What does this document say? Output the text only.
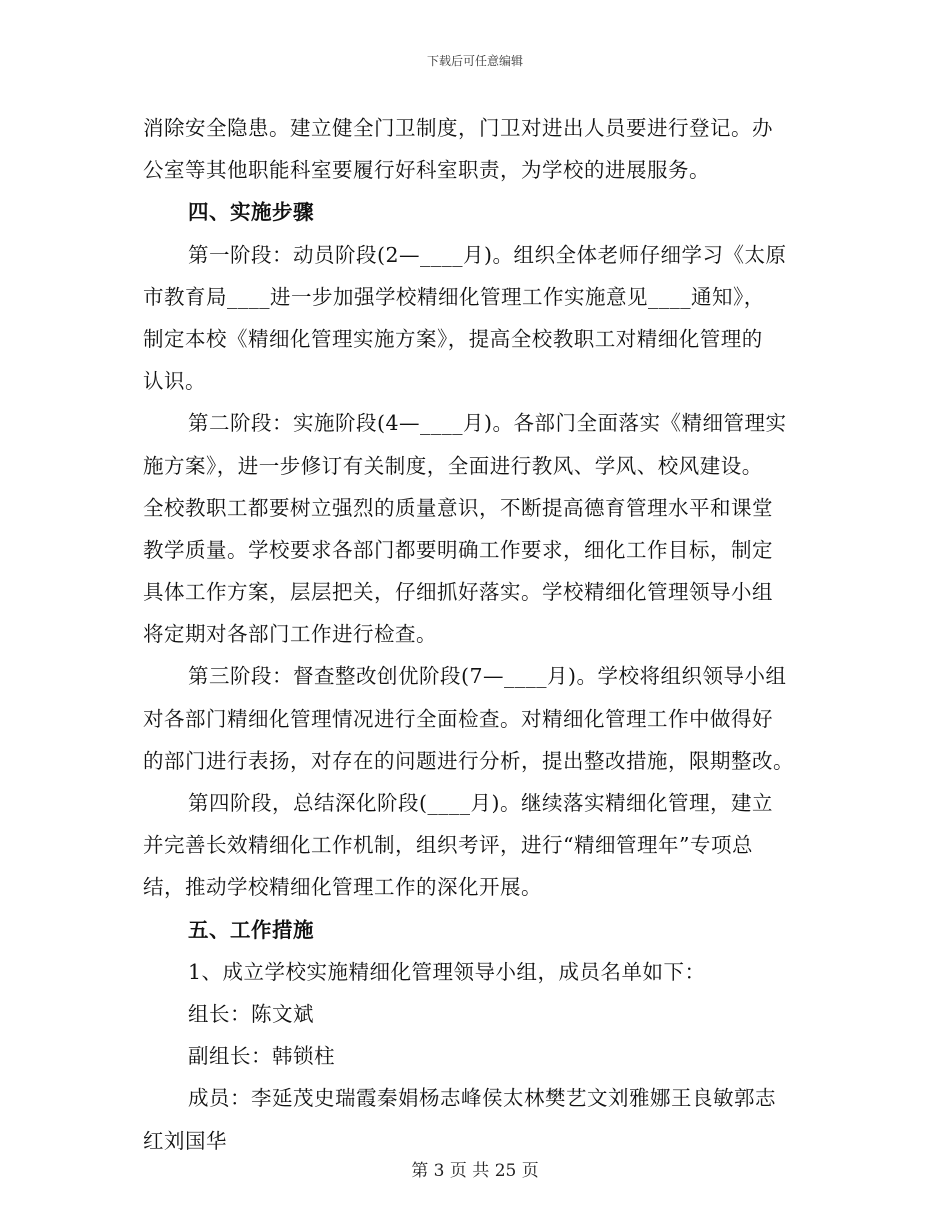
下载后可任意编辑
消除安全隐患。建立健全门卫制度，门卫对进出人员要进行登记。办
公室等其他职能科室要履行好科室职责，为学校的进展服务。
四、实施步骤
第一阶段：动员阶段(2—____月)。组织全体老师仔细学习《太原
市教育局____进一步加强学校精细化管理工作实施意见____通知》，
制定本校《精细化管理实施方案》，提高全校教职工对精细化管理的
认识。
第二阶段：实施阶段(4—____月)。各部门全面落实《精细管理实
施方案》，进一步修订有关制度，全面进行教风、学风、校风建设。
全校教职工都要树立强烈的质量意识，不断提高德育管理水平和课堂
教学质量。学校要求各部门都要明确工作要求，细化工作目标，制定
具体工作方案，层层把关，仔细抓好落实。学校精细化管理领导小组
将定期对各部门工作进行检查。
第三阶段：督查整改创优阶段(7—____月)。学校将组织领导小组
对各部门精细化管理情况进行全面检查。对精细化管理工作中做得好
的部门进行表扬，对存在的问题进行分析，提出整改措施，限期整改。
第四阶段，总结深化阶段(____月)。继续落实精细化管理，建立
并完善长效精细化工作机制，组织考评，进行“精细管理年”专项总
结，推动学校精细化管理工作的深化开展。
五、工作措施
1、成立学校实施精细化管理领导小组，成员名单如下：
组长：陈文斌
副组长：韩锁柱
成员：李延茂史瑞霞秦娟杨志峰侯太林樊艺文刘雅娜王良敏郭志
红刘国华
第 3 页 共 25 页
